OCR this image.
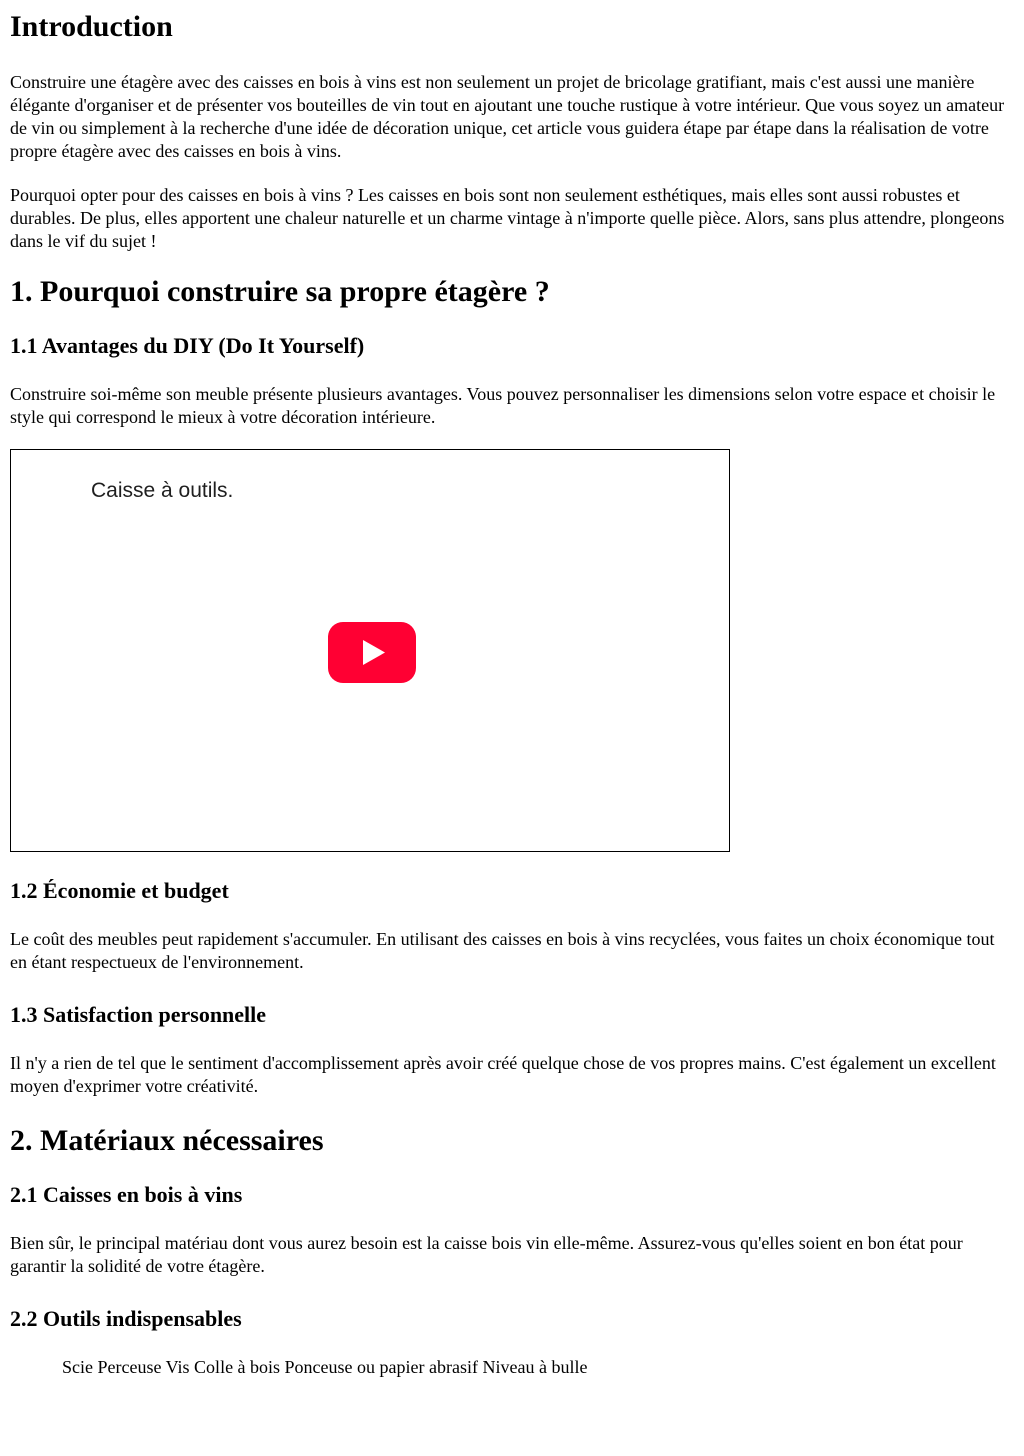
Introduction

Construire une étagère avec des caisses en bois à vins est non seulement un projet de bricolage gratifiant, mais c'est aussi une manière élégante d'organiser et de présenter vos bouteilles de vin tout en ajoutant une touche rustique à votre intérieur. Que vous soyez un amateur de vin ou simplement à la recherche d'une idée de décoration unique, cet article vous guidera étape par étape dans la réalisation de votre propre étagère avec des caisses en bois à vins.

Pourquoi opter pour des caisses en bois à vins ? Les caisses en bois sont non seulement esthétiques, mais elles sont aussi robustes et durables. De plus, elles apportent une chaleur naturelle et un charme vintage à n'importe quelle pièce. Alors, sans plus attendre, plongeons dans le vif du sujet !

1. Pourquoi construire sa propre étagère ?
1.1 Avantages du DIY (Do It Yourself)

Construire soi-même son meuble présente plusieurs avantages. Vous pouvez personnaliser les dimensions selon votre espace et choisir le style qui correspond le mieux à votre décoration intérieure.

Caisse à outils.
1.2 Économie et budget

Le coût des meubles peut rapidement s'accumuler. En utilisant des caisses en bois à vins recyclées, vous faites un choix économique tout en étant respectueux de l'environnement.

1.3 Satisfaction personnelle

Il n'y a rien de tel que le sentiment d'accomplissement après avoir créé quelque chose de vos propres mains. C'est également un excellent moyen d'exprimer votre créativité.

2. Matériaux nécessaires
2.1 Caisses en bois à vins

Bien sûr, le principal matériau dont vous aurez besoin est la caisse bois vin elle-même. Assurez-vous qu'elles soient en bon état pour garantir la solidité de votre étagère.

2.2 Outils indispensables
Scie Perceuse Vis Colle à bois Ponceuse ou papier abrasif Niveau à bulle
